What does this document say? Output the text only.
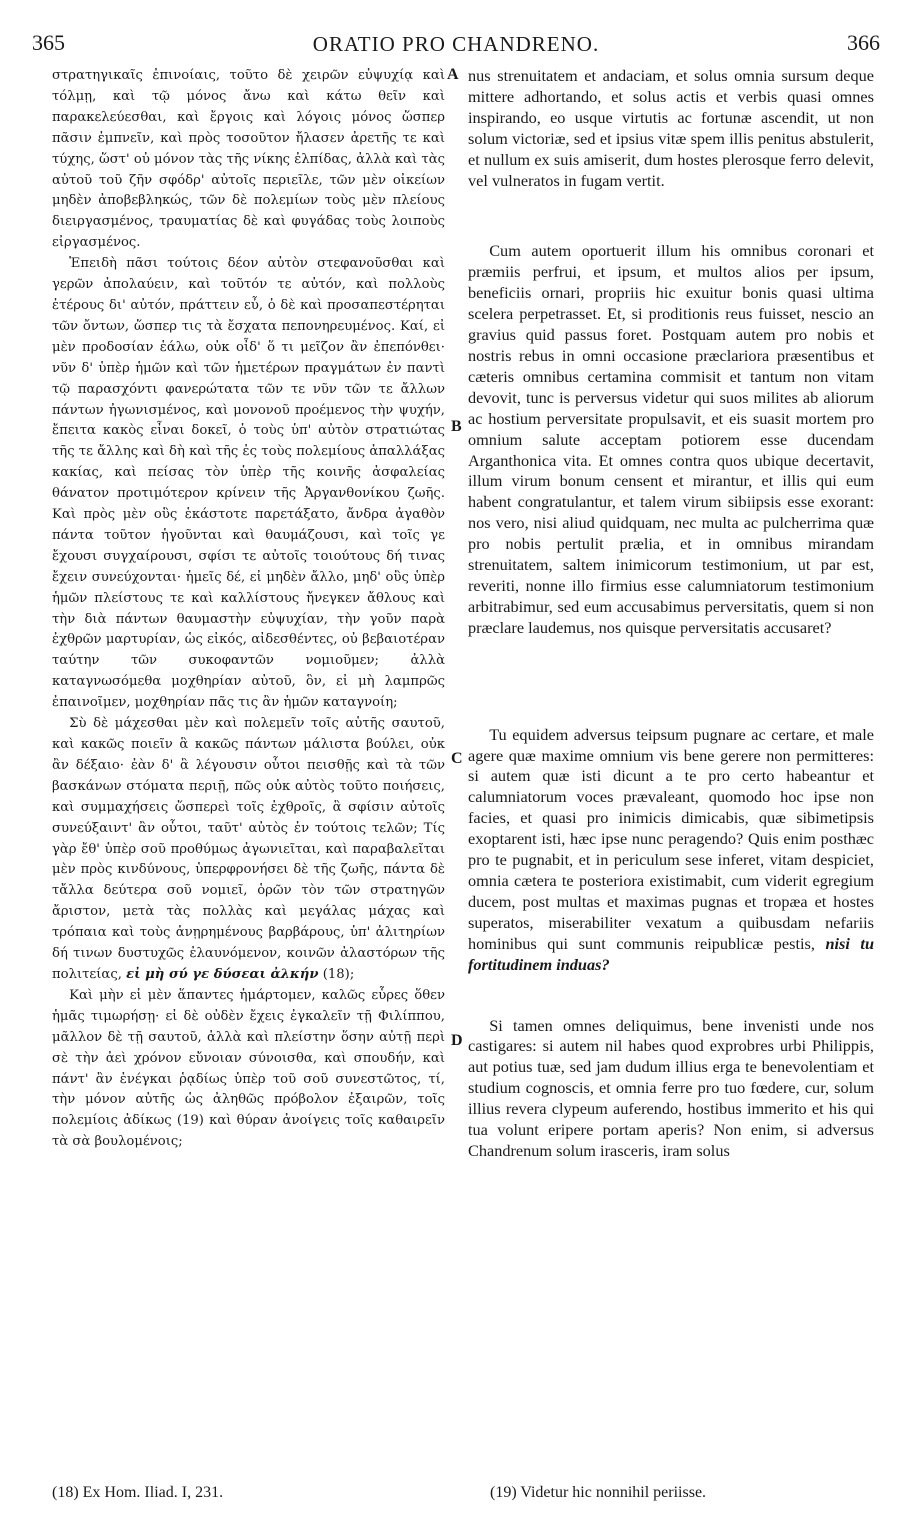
365	ORATIO PRO CHANDRENO.	366

στρατηγικαῖς ἐπινοίαις, τοῦτο δὲ χειρῶν εὐψυχίᾳ καὶ τόλμῃ, καὶ τῷ μόνος ἄνω καὶ κάτω θεῖν καὶ παρακελεύεσθαι, καὶ ἔργοις καὶ λόγοις μόνος ὥσπερ πᾶσιν ἐμπνεῖν, καὶ πρὸς τοσοῦτον ἤλασεν ἀρετῆς τε καὶ τύχης, ὥστ' οὐ μόνον τὰς τῆς νίκης ἐλπίδας, ἀλλὰ καὶ τὰς αὐτοῦ τοῦ ζῆν σφόδρ' αὐτοῖς περιεῖλε, τῶν μὲν οἰκείων μηδὲν ἀποβεβληκώς, τῶν δὲ πολεμίων τοὺς μὲν πλείους διειργασμένος, τραυματίας δὲ καὶ φυγάδας τοὺς λοιποὺς εἰργασμένος.

Ἐπειδὴ πᾶσι τούτοις δέον αὐτὸν στεφανοῦσθαι καὶ γερῶν ἀπολαύειν, καὶ τοῦτόν τε αὐτόν, καὶ πολλοὺς ἑτέρους δι' αὐτόν, πράττειν εὖ, ὁ δὲ καὶ προσαπεστέρηται τῶν ὄντων, ὥσπερ τις τὰ ἔσχατα πεπονηρευμένος. Καί, εἰ μὲν προδοσίαν ἑάλω, οὐκ οἶδ' ὅ τι μεῖζον ἂν ἐπεπόνθει· νῦν δ' ὑπὲρ ἡμῶν καὶ τῶν ἡμετέρων πραγμάτων ἐν παντὶ τῷ παρασχόντι φανερώτατα τῶν τε νῦν τῶν τε ἄλλων πάντων ἠγωνισμένος, καὶ μονονοῦ προέμενος τὴν ψυχήν, ἔπειτα κακὸς εἶναι δοκεῖ, ὁ τοὺς ὑπ' αὐτὸν στρατιώτας τῆς τε ἄλλης καὶ δὴ καὶ τῆς ἐς τοὺς πολεμίους ἀπαλλάξας κακίας, καὶ πείσας τὸν ὑπὲρ τῆς κοινῆς ἀσφαλείας θάνατον προτιμότερον κρίνειν τῆς Ἀργανθονίκου ζωῆς. Καὶ πρὸς μὲν οὓς ἑκάστοτε παρετάξατο, ἄνδρα ἀγαθὸν πάντα τοῦτον ἡγοῦνται καὶ θαυμάζουσι, καὶ τοῖς γε ἔχουσι συγχαίρουσι, σφίσι τε αὐτοῖς τοιούτους δή τινας ἔχειν συνεύχονται· ἡμεῖς δέ, εἰ μηδὲν ἄλλο, μηδ' οὓς ὑπὲρ ἡμῶν πλείστους τε καὶ καλλίστους ἤνεγκεν ἄθλους καὶ τὴν διὰ πάντων θαυμαστὴν εὐψυχίαν, τὴν γοῦν παρὰ ἐχθρῶν μαρτυρίαν, ὡς εἰκός, αἰδεσθέντες, οὐ βεβαιοτέραν ταύτην τῶν συκοφαντῶν νομιοῦμεν; ἀλλὰ καταγνωσόμεθα μοχθηρίαν αὐτοῦ, ὃν, εἰ μὴ λαμπρῶς ἐπαινοῖμεν, μοχθηρίαν πᾶς τις ἂν ἡμῶν καταγνοίη;

Σὺ δὲ μάχεσθαι μὲν καὶ πολεμεῖν τοῖς αὑτῆς σαυτοῦ, καὶ κακῶς ποιεῖν ἃ κακῶς πάντων μάλιστα βούλει, οὐκ ἂν δέξαιο· ἐὰν δ' ἃ λέγουσιν οὗτοι πεισθῇς καὶ τὰ τῶν βασκάνων στόματα περιῇ, πῶς οὐκ αὐτὸς τοῦτο ποιήσεις, καὶ συμμαχήσεις ὥσπερεὶ τοῖς ἐχθροῖς, ἃ σφίσιν αὐτοῖς συνεύξαιντ' ἂν οὗτοι, ταῦτ' αὐτὸς ἐν τούτοις τελῶν; Τίς γὰρ ἔθ' ὑπὲρ σοῦ προθύμως ἀγωνιεῖται, καὶ παραβαλεῖται μὲν πρὸς κινδύνους, ὑπερφρονήσει δὲ τῆς ζωῆς, πάντα δὲ τἄλλα δεύτερα σοῦ νομιεῖ, ὁρῶν τὸν τῶν στρατηγῶν ἄριστον, μετὰ τὰς πολλὰς καὶ μεγάλας μάχας καὶ τρόπαια καὶ τοὺς ἀνῃρημένους βαρβάρους, ὑπ' ἀλιτηρίων δή τινων δυστυχῶς ἐλαυνόμενον, κοινῶν ἀλαστόρων τῆς πολιτείας, εἰ μὴ σύ γε δύσεαι ἀλκήν (18);

Καὶ μὴν εἰ μὲν ἅπαντες ἡμάρτομεν, καλῶς εὗρες ὅθεν ἡμᾶς τιμωρήσῃ· εἰ δὲ οὐδὲν ἔχεις ἐγκαλεῖν τῇ Φιλίππου, μᾶλλον δὲ τῇ σαυτοῦ, ἀλλὰ καὶ πλείστην ὅσην αὐτῇ περὶ σὲ τὴν ἀεὶ χρόνον εὔνοιαν σύνοισθα, καὶ σπουδήν, καὶ πάντ' ἂν ἐνέγκαι ῥᾳδίως ὑπὲρ τοῦ σοῦ συνεστῶτος, τί, τὴν μόνον αὐτῆς ὡς ἀληθῶς πρόβολον ἐξαιρῶν, τοῖς πολεμίοις ἀδίκως (19) καὶ θύραν ἀνοίγεις τοῖς καθαιρεῖν τὰ σὰ βουλομένοις;

A
B
C
D

nus strenuitatem et andaciam, et solus omnia sursum deque mittere adhortando, et solus actis et verbis quasi omnes inspirando, eo usque virtutis ac fortunæ ascendit, ut non solum victoriæ, sed et ipsius vitæ spem illis penitus abstulerit, et nullum ex suis amiserit, dum hostes plerosque ferro delevit, vel vulneratos in fugam vertit.

Cum autem oportuerit illum his omnibus coronari et præmiis perfrui, et ipsum, et multos alios per ipsum, beneficiis ornari, propriis hic exuitur bonis quasi ultima scelera perpetrasset. Et, si proditionis reus fuisset, nescio an gravius quid passus foret. Postquam autem pro nobis et nostris rebus in omni occasione præclariora præsentibus et cæteris omnibus certamina commisit et tantum non vitam devovit, tunc is perversus videtur qui suos milites ab aliorum ac hostium perversitate propulsavit, et eis suasit mortem pro omnium salute acceptam potiorem esse ducendam Arganthonica vita. Et omnes contra quos ubique decertavit, illum virum bonum censent et mirantur, et illis qui eum habent congratulantur, et talem virum sibiipsis esse exorant: nos vero, nisi aliud quidquam, nec multa ac pulcherrima quæ pro nobis pertulit prælia, et in omnibus mirandam strenuitatem, saltem inimicorum testimonium, ut par est, reveriti, nonne illo firmius esse calumniatorum testimonium arbitrabimur, sed eum accusabimus perversitatis, quem si non præclare laudemus, nos quisque perversitatis accusaret?

Tu equidem adversus teipsum pugnare ac certare, et male agere quæ maxime omnium vis bene gerere non permitteres: si autem quæ isti dicunt a te pro certo habeantur et calumniatorum voces prævaleant, quomodo hoc ipse non facies, et quasi pro inimicis dimicabis, quæ sibimetipsis exoptarent isti, hæc ipse nunc peragendo? Quis enim posthæc pro te pugnabit, et in periculum sese inferet, vitam despiciet, omnia cætera te posteriora existimabit, cum viderit egregium ducem, post multas et maximas pugnas et tropæa et hostes superatos, miserabiliter vexatum a quibusdam nefariis hominibus qui sunt communis reipublicæ pestis, nisi tu fortitudinem induas?

Si tamen omnes deliquimus, bene invenisti unde nos castigares: si autem nil habes quod exprobres urbi Philippis, aut potius tuæ, sed jam dudum illius erga te benevolentiam et studium cognoscis, et omnia ferre pro tuo fœdere, cur, solum illius revera clypeum auferendo, hostibus immerito et his qui tua volunt eripere portam aperis? Non enim, si adversus Chandrenum solum irasceris, iram solus

(18) Ex Hom. Iliad. I, 231.	(19) Videtur hic nonnihil periisse.
